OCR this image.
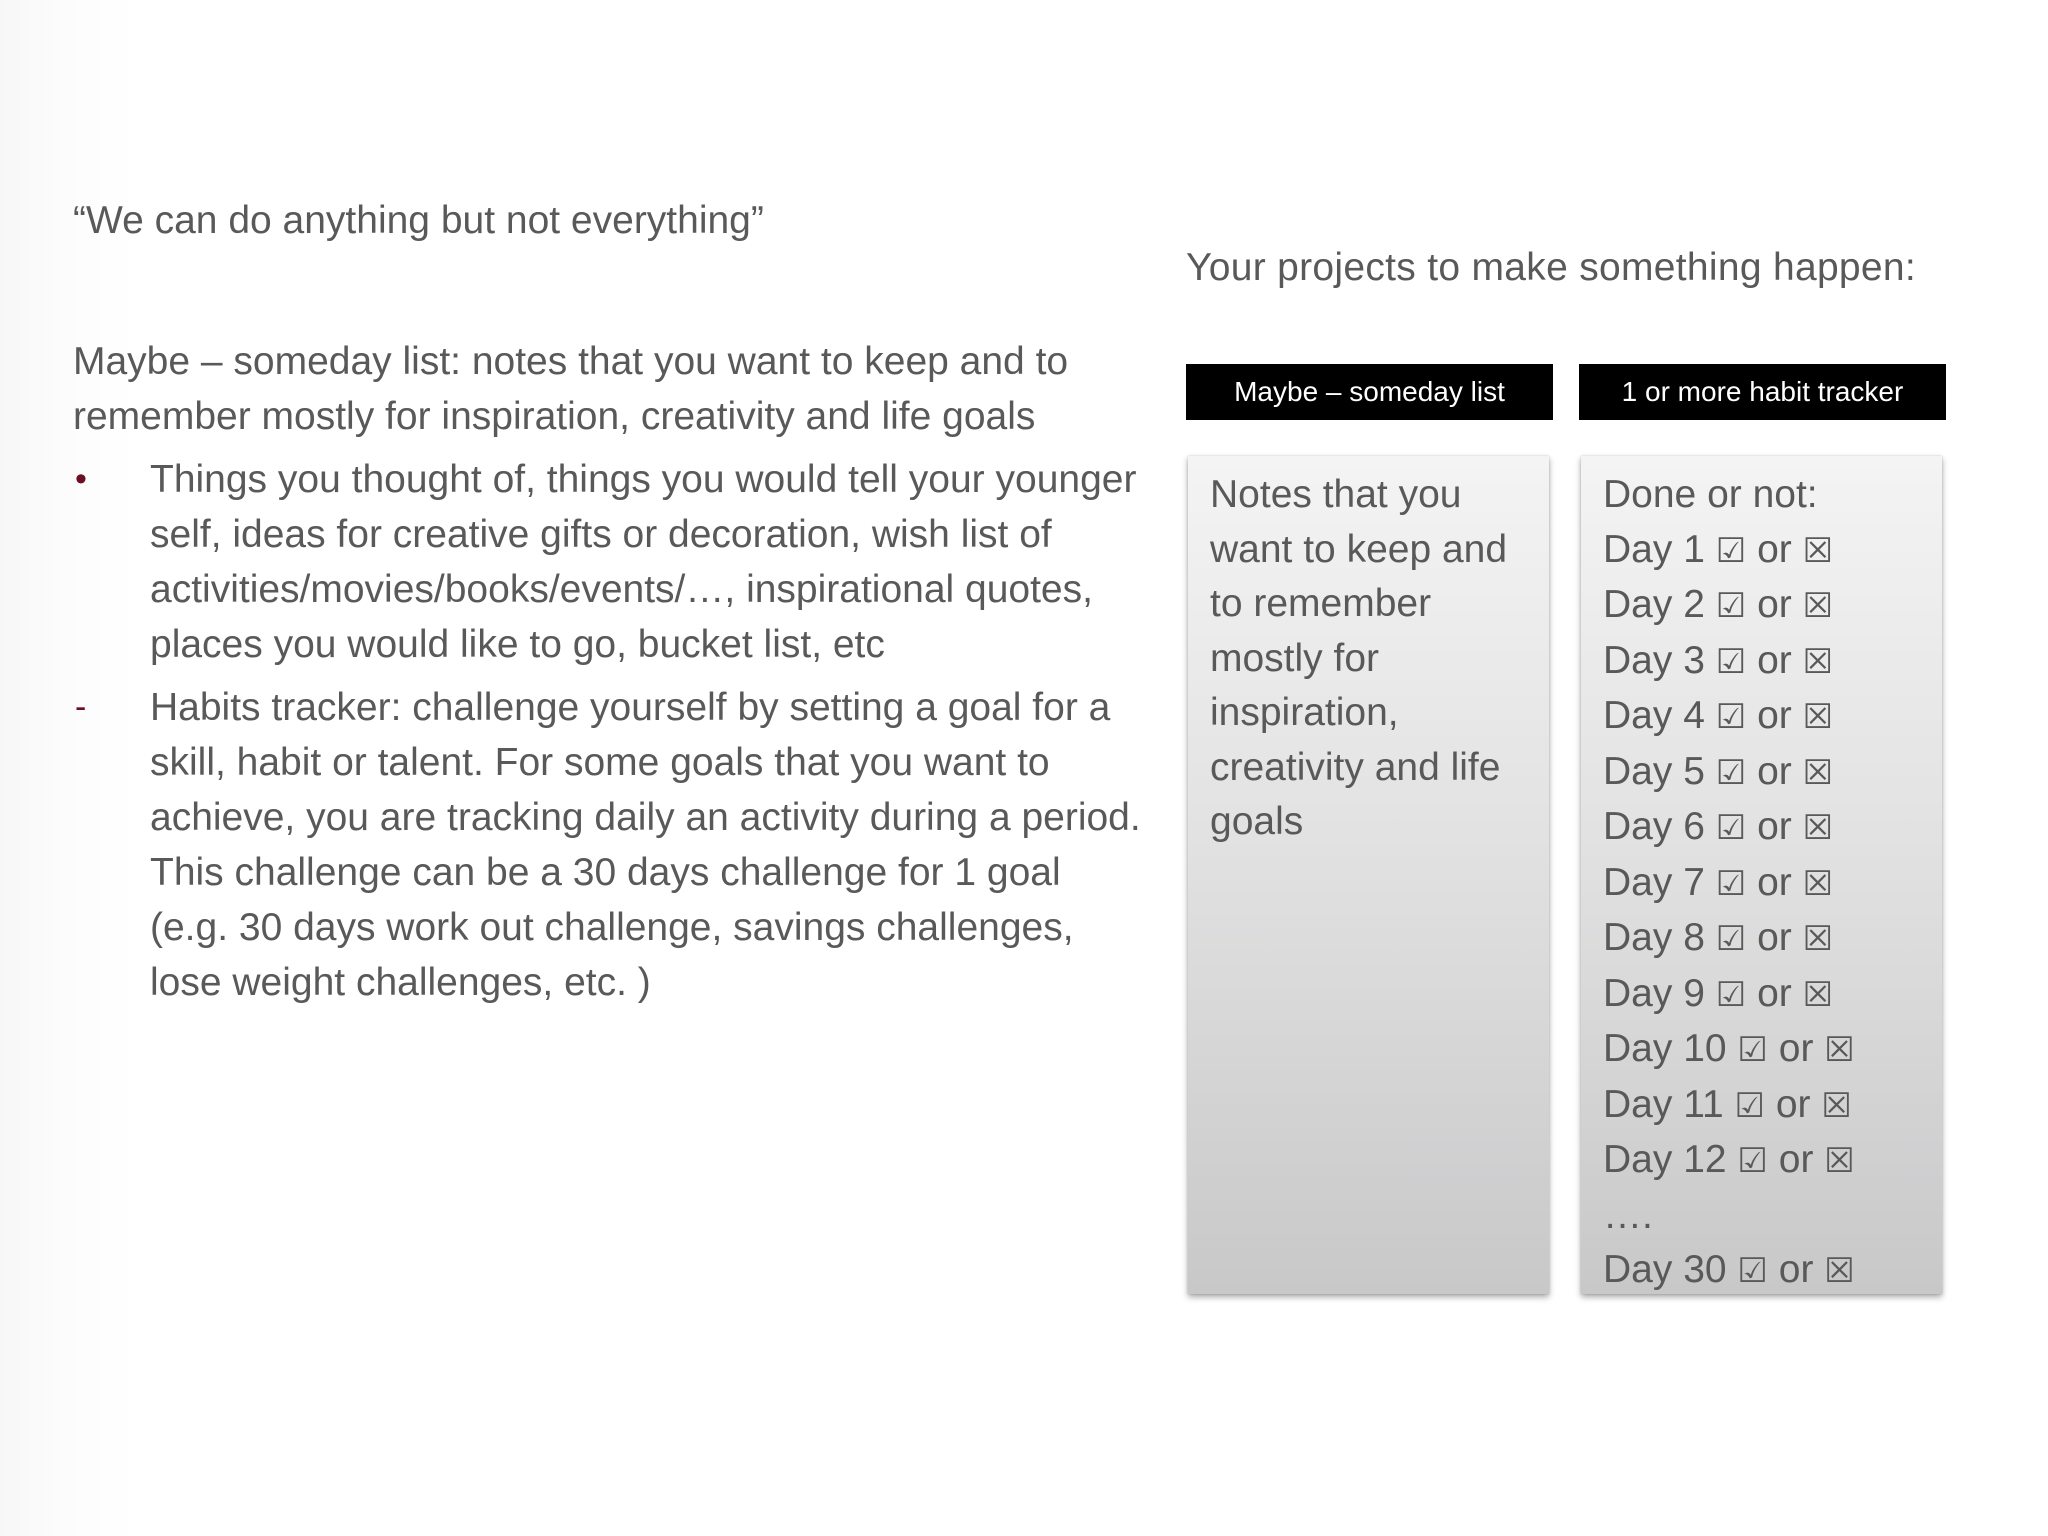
“We can do anything but not everything”

Maybe – someday list: notes that you want to keep and to remember mostly for inspiration, creativity and life goals

• Things you thought of, things you would tell your younger self, ideas for creative gifts or decoration, wish list of activities/movies/books/events/…, inspirational quotes, places you would like to go, bucket list, etc
- Habits tracker: challenge yourself by setting a goal for a skill, habit or talent. For some goals that you want to achieve, you are tracking daily an activity during a period. This challenge can be a 30 days challenge for 1 goal (e.g. 30 days work out challenge, savings challenges, lose weight challenges, etc. )

Your projects to make something happen:

Maybe – someday list	1 or more habit tracker
Notes that you want to keep and to remember mostly for inspiration, creativity and life goals
Done or not:
Day 1 ☑ or ☒
Day 2 ☑ or ☒
Day 3 ☑ or ☒
Day 4 ☑ or ☒
Day 5 ☑ or ☒
Day 6 ☑ or ☒
Day 7 ☑ or ☒
Day 8 ☑ or ☒
Day 9 ☑ or ☒
Day 10 ☑ or ☒
Day 11 ☑ or ☒
Day 12 ☑ or ☒
….
Day 30 ☑ or ☒
